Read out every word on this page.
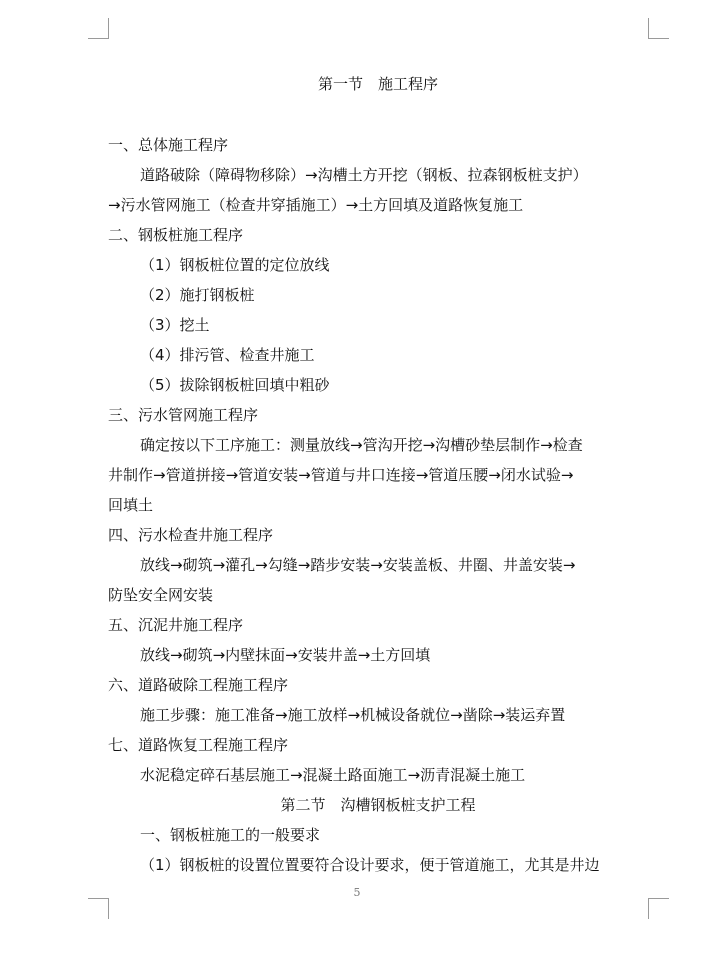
第一节　施工程序
一、总体施工程序
道路破除（障碍物移除）→沟槽土方开挖（钢板、拉森钢板桩支护）
→污水管网施工（检查井穿插施工）→土方回填及道路恢复施工
二、钢板桩施工程序
（1）钢板桩位置的定位放线
（2）施打钢板桩
（3）挖土
（4）排污管、检查井施工
（5）拔除钢板桩回填中粗砂
三、污水管网施工程序
确定按以下工序施工：测量放线→管沟开挖→沟槽砂垫层制作→检查
井制作→管道拼接→管道安装→管道与井口连接→管道压腰→闭水试验→
回填土
四、污水检查井施工程序
放线→砌筑→灌孔→勾缝→踏步安装→安装盖板、井圈、井盖安装→
防坠安全网安装
五、沉泥井施工程序
放线→砌筑→内壁抹面→安装井盖→土方回填
六、道路破除工程施工程序
施工步骤：施工准备→施工放样→机械设备就位→凿除→装运弃置
七、道路恢复工程施工程序
水泥稳定碎石基层施工→混凝土路面施工→沥青混凝土施工
第二节　沟槽钢板桩支护工程
一、钢板桩施工的一般要求
（1）钢板桩的设置位置要符合设计要求，便于管道施工，尤其是井边
5
